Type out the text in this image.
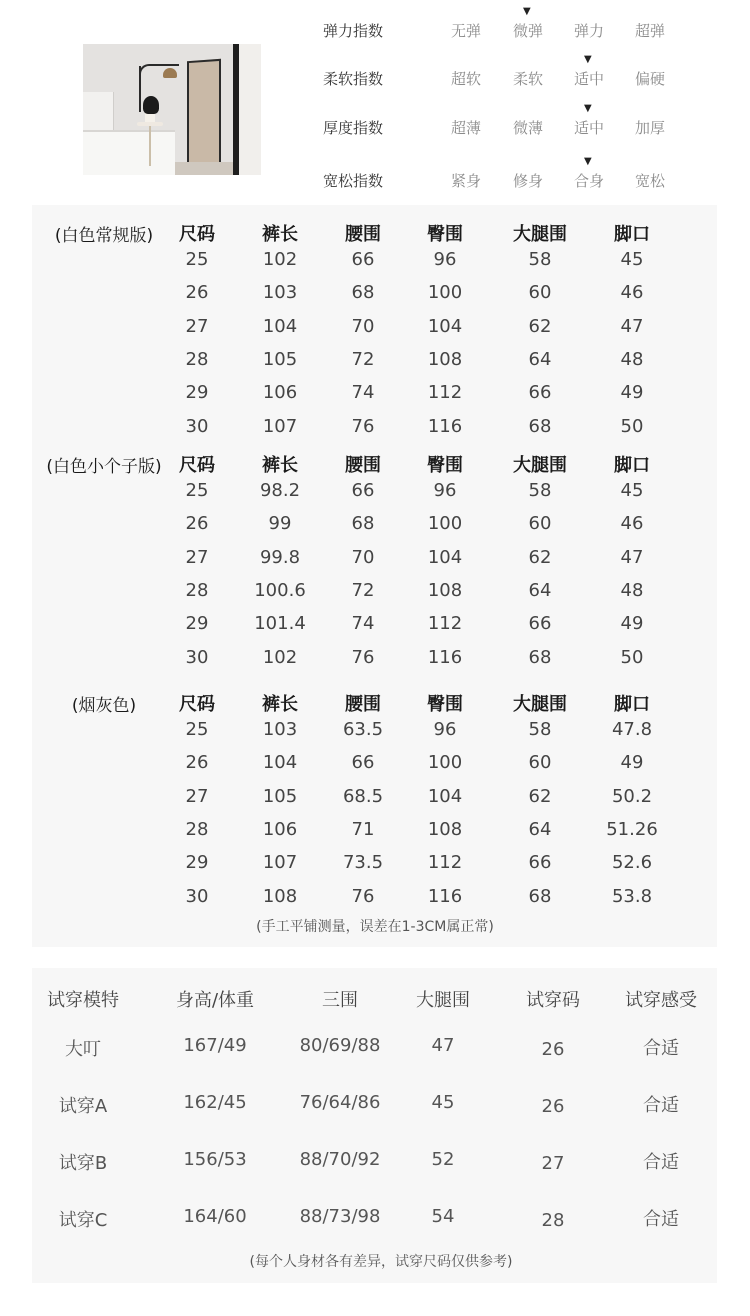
弹力指数	无弹 微弹 弹力 超弹
▼
柔软指数	超软 柔软 适中 偏硬
▼
厚度指数	超薄 微薄 适中 加厚
▼
宽松指数	紧身 修身 合身 宽松
▼
(白色常规版) 尺码	裤长	腰围	臀围	大腿围	脚口
25	102	66	96	58	45
26	103	68	100	60	46
27	104	70	104	62	47
28	105	72	108	64	48
29	106	74	112	66	49
30	107	76	116	68	50
(白色小个子版) 尺码	裤长	腰围	臀围	大腿围	脚口
25	98.2	66	96	58	45
26	99	68	100	60	46
27	99.8	70	104	62	47
28	100.6	72	108	64	48
29	101.4	74	112	66	49
30	102	76	116	68	50
(烟灰色) 尺码	裤长	腰围	臀围	大腿围	脚口
25	103	63.5	96	58	47.8
26	104	66	100	60	49
27	105	68.5 104	62	50.2
28	106	71	108	64	51.26
29	107	73.5 112	66	52.6
30	108	76	116	68	53.8
(手工平铺测量，误差在1-3CM属正常)
试穿模特	身高/体重	三围	大腿围	试穿码	试穿感受
大叮	167/49	80/69/88	47	26	合适
试穿A	162/45	76/64/86	45	26	合适
试穿B	156/53	88/70/92	52	27	合适
试穿C	164/60	88/73/98	54	28	合适
(每个人身材各有差异，试穿尺码仅供参考)
